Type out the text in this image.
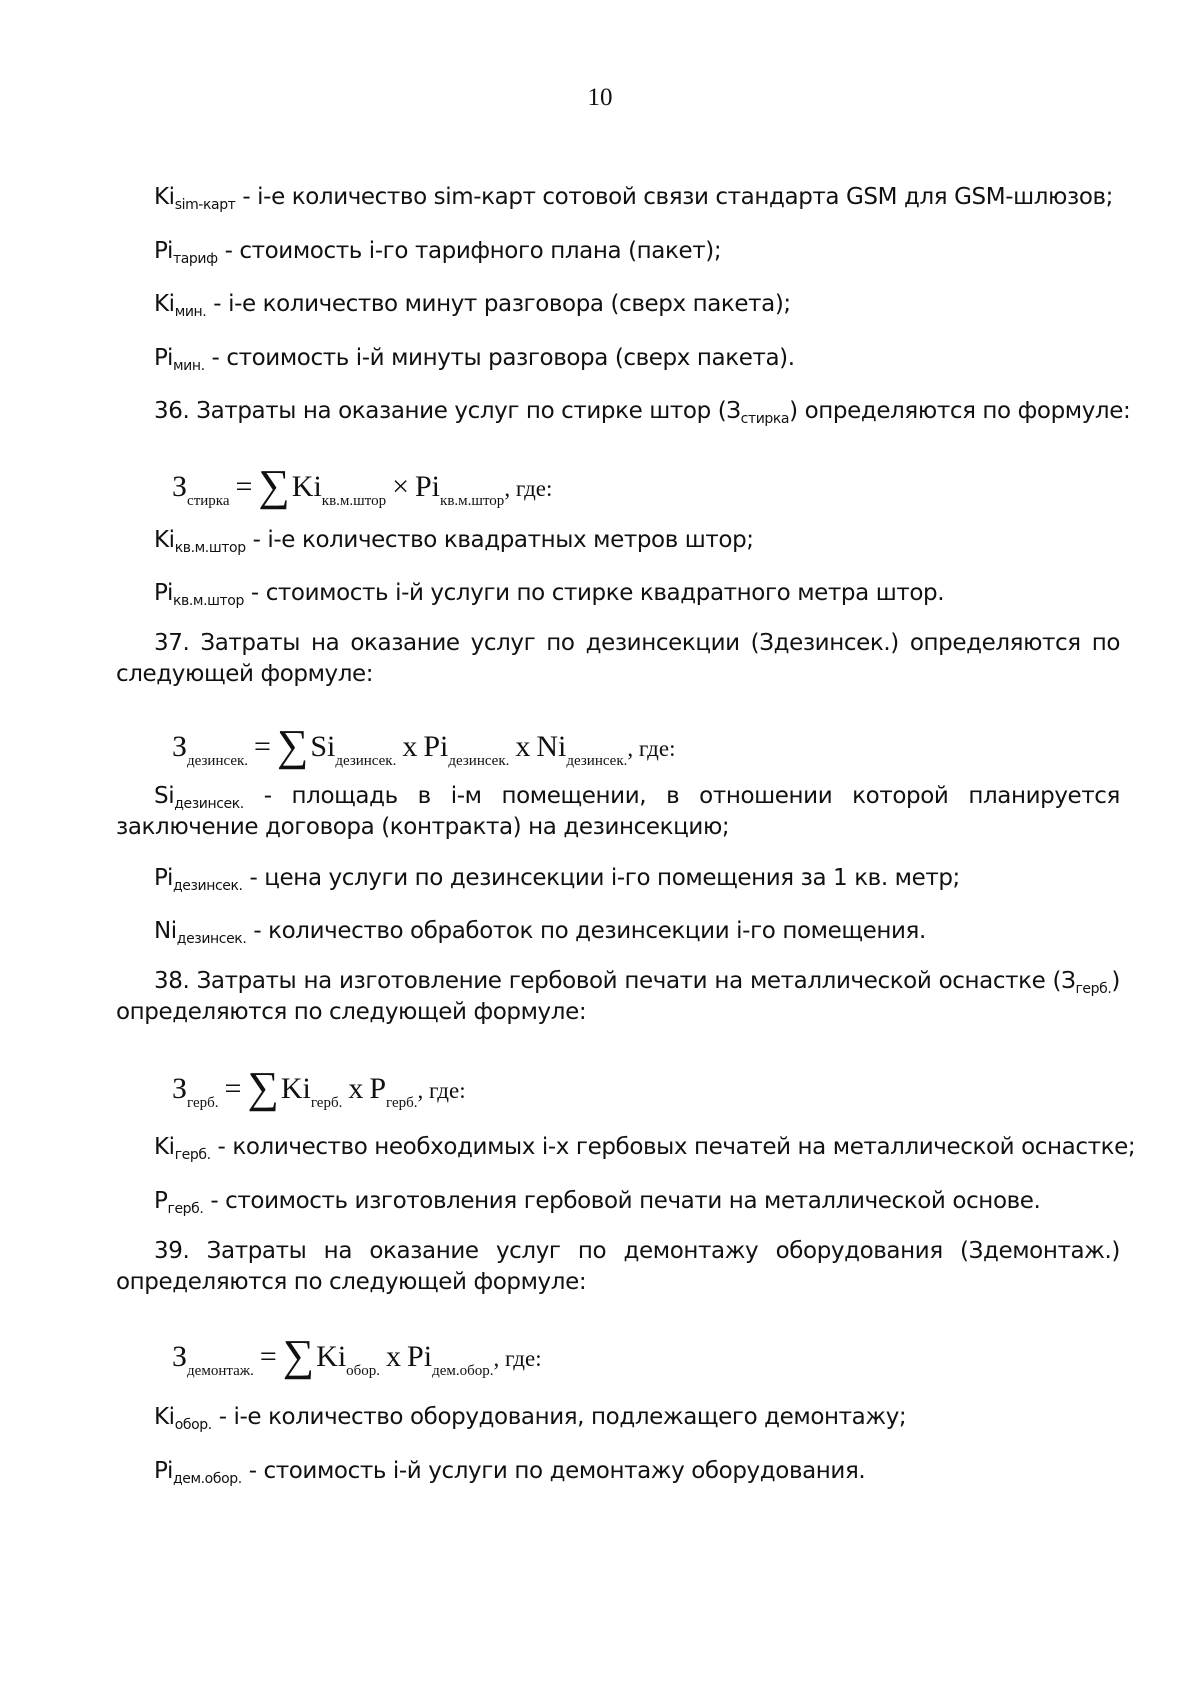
10
$Ki_{sim-карт} - i-е$ количество sim-карт сотовой связи стандарта GSM для GSM-шлюзов;
$Pi_{тариф}$ - стоимость i-го тарифного плана (пакет);
$Ki_{мин.} - i-е$ количество минут разговора (сверх пакета);
$Pi_{мин.}$ - стоимость i-й минуты разговора (сверх пакета).
36. Затраты на оказание услуг по стирке штор $(З_{стирка})$ определяются по формуле:
$З_{стирка} = \sum Ki_{кв.м.штор} \times Pi_{кв.м.штор}$, где:
$Ki_{кв.м.штор} - i-е$ количество квадратных метров штор;
$Pi_{кв.м.штор}$ - стоимость i-й услуги по стирке квадратного метра штор.
37. Затраты на оказание услуг по дезинсекции (Здезинсек.) определяются по следующей формуле:
$З_{дезинсек.} = \sum Si_{дезинсек.}$ x $Pi_{дезинсек.}$ x $Ni_{дезинсек.}$, где:
$Si_{дезинсек.}$ - площадь в i-м помещении, в отношении которой планируется заключение договора (контракта) на дезинсекцию;
$Pi_{дезинсек.}$ - цена услуги по дезинсекции i-го помещения за 1 кв. метр;
$Ni_{дезинсек.}$ - количество обработок по дезинсекции i-го помещения.
38. Затраты на изготовление гербовой печати на металлической оснастке $(З_{герб.})$ определяются по следующей формуле:
$З_{герб.} = \sum Ki_{герб.}$ x $P_{герб.}$, где:
$Ki_{герб.}$ - количество необходимых i-х гербовых печатей на металлической оснастке;
$P_{герб.}$ - стоимость изготовления гербовой печати на металлической основе.
39. Затраты на оказание услуг по демонтажу оборудования (Здемонтаж.) определяются по следующей формуле:
$З_{демонтаж.} = \sum Ki_{обор.}$ x $Pi_{дем.обор.}$, где:
$Ki_{обор.} - i-е$ количество оборудования, подлежащего демонтажу;
$Pi_{дем.обор.}$ - стоимость i-й услуги по демонтажу оборудования.
